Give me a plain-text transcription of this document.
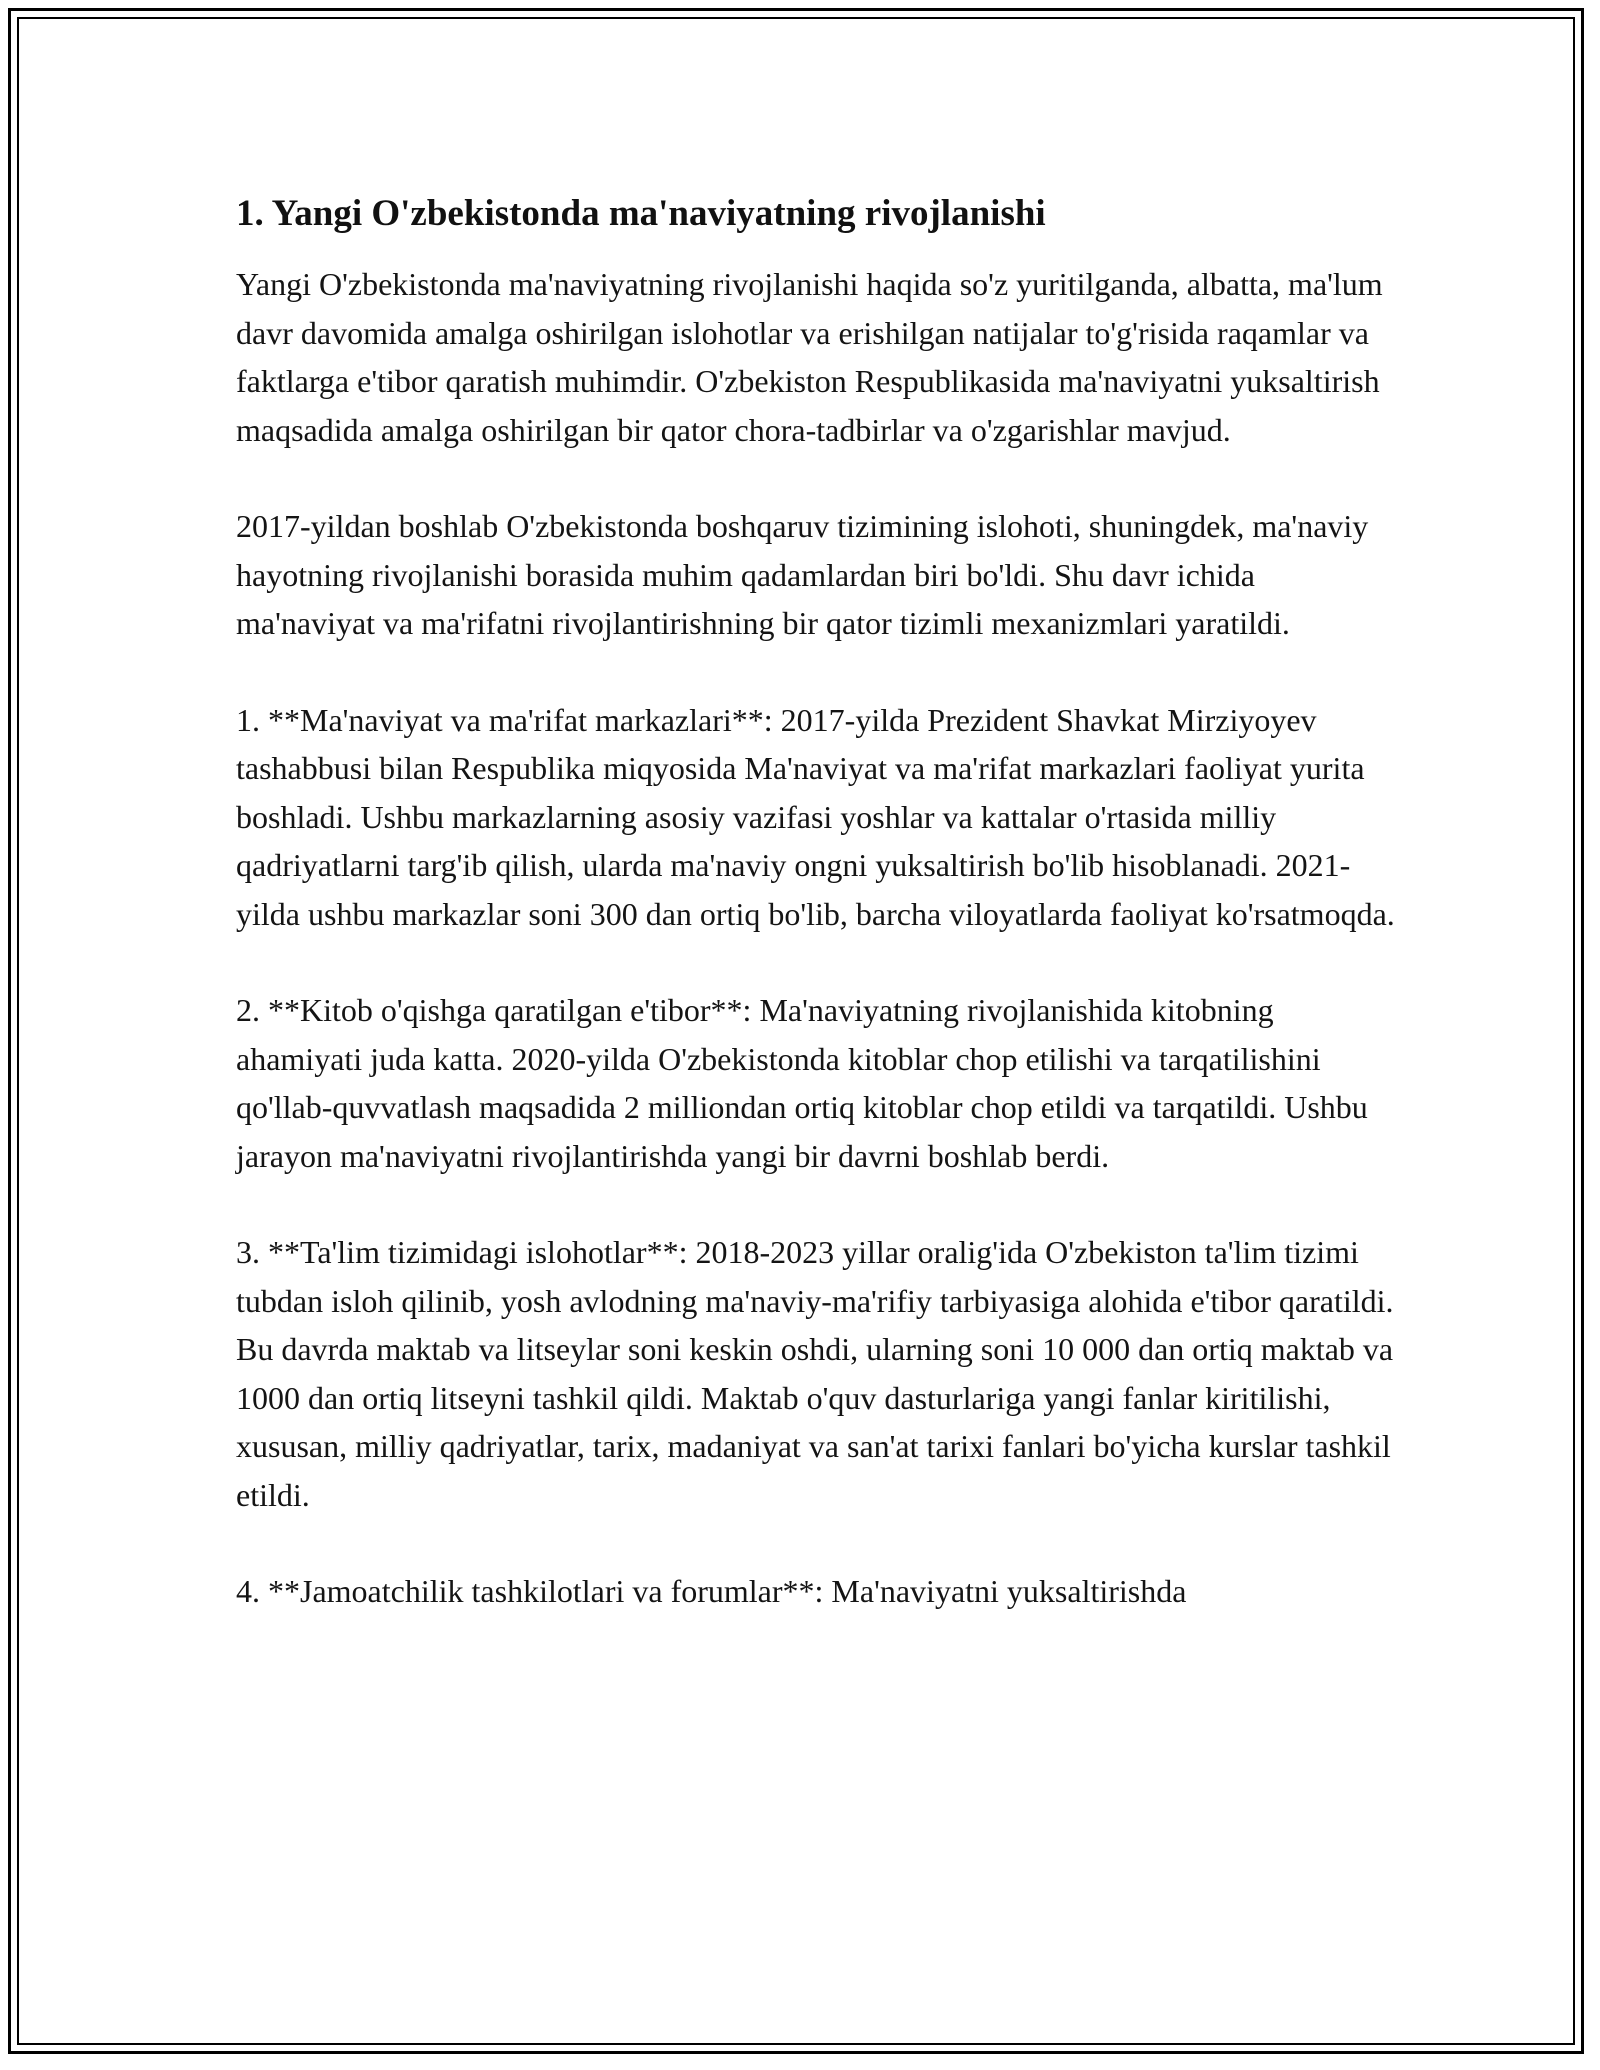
1. Yangi O'zbekistonda ma'naviyatning rivojlanishi

Yangi O'zbekistonda ma'naviyatning rivojlanishi haqida so'z yuritilganda, albatta, ma'lum davr davomida amalga oshirilgan islohotlar va erishilgan natijalar to'g'risida raqamlar va faktlarga e'tibor qaratish muhimdir. O'zbekiston Respublikasida ma'naviyatni yuksaltirish maqsadida amalga oshirilgan bir qator chora-tadbirlar va o'zgarishlar mavjud.

2017-yildan boshlab O'zbekistonda boshqaruv tizimining islohoti, shuningdek, ma'naviy hayotning rivojlanishi borasida muhim qadamlardan biri bo'ldi. Shu davr ichida ma'naviyat va ma'rifatni rivojlantirishning bir qator tizimli mexanizmlari yaratildi.

1. **Ma'naviyat va ma'rifat markazlari**: 2017-yilda Prezident Shavkat Mirziyoyev tashabbusi bilan Respublika miqyosida Ma'naviyat va ma'rifat markazlari faoliyat yurita boshladi. Ushbu markazlarning asosiy vazifasi yoshlar va kattalar o'rtasida milliy qadriyatlarni targ'ib qilish, ularda ma'naviy ongni yuksaltirish bo'lib hisoblanadi. 2021-yilda ushbu markazlar soni 300 dan ortiq bo'lib, barcha viloyatlarda faoliyat ko'rsatmoqda.

2. **Kitob o'qishga qaratilgan e'tibor**: Ma'naviyatning rivojlanishida kitobning ahamiyati juda katta. 2020-yilda O'zbekistonda kitoblar chop etilishi va tarqatilishini qo'llab-quvvatlash maqsadida 2 milliondan ortiq kitoblar chop etildi va tarqatildi. Ushbu jarayon ma'naviyatni rivojlantirishda yangi bir davrni boshlab berdi.

3. **Ta'lim tizimidagi islohotlar**: 2018-2023 yillar oralig'ida O'zbekiston ta'lim tizimi tubdan isloh qilinib, yosh avlodning ma'naviy-ma'rifiy tarbiyasiga alohida e'tibor qaratildi. Bu davrda maktab va litseylar soni keskin oshdi, ularning soni 10 000 dan ortiq maktab va 1000 dan ortiq litseyni tashkil qildi. Maktab o'quv dasturlariga yangi fanlar kiritilishi, xususan, milliy qadriyatlar, tarix, madaniyat va san'at tarixi fanlari bo'yicha kurslar tashkil etildi.

4. **Jamoatchilik tashkilotlari va forumlar**: Ma'naviyatni yuksaltirishda
